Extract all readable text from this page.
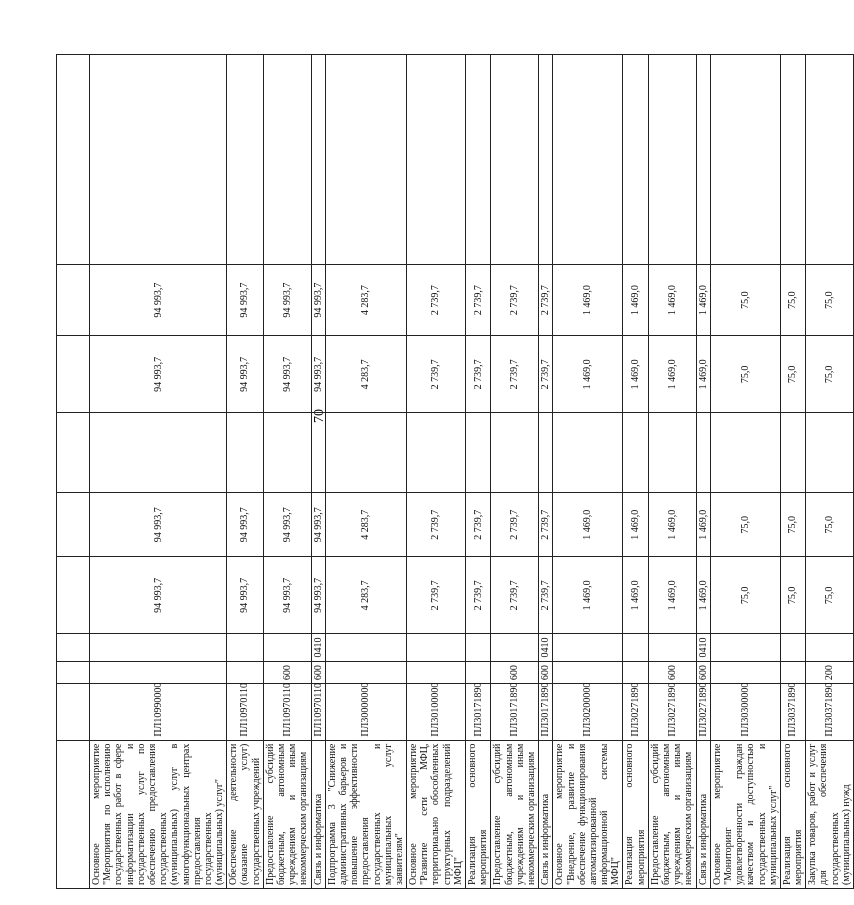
70

Основное мероприятие "Мероприятия по исполнению государственных работ в сфере информатизации и государственных услуг по обеспечению предоставления государственных (муниципальных) услуг в многофункциональных центрах предоставления государственных (муниципальных) услуг"	ПЛ10990000			94 993,7	94 993,7		94 993,7	94 993,7	
Обеспечение деятельности (оказание услуг) государственных учреждений	ПЛ10970110			94 993,7	94 993,7		94 993,7	94 993,7	
Предоставление субсидий бюджетным, автономным учреждениям и иным некоммерческим организациям	ПЛ10970110	600		94 993,7	94 993,7		94 993,7	94 993,7	
Связь и информатика	ПЛ10970110	600	0410	94 993,7	94 993,7		94 993,7	94 993,7	
Подпрограмма 3 "Снижение административных барьеров и повышение эффективности предоставления государственных и муниципальных услуг заявителям"	ПЛ30000000			4 283,7	4 283,7		4 283,7	4 283,7	
Основное мероприятие "Развитие сети МФЦ, территориально обособленных структурных подразделений МФЦ"	ПЛ30100000			2 739,7	2 739,7		2 739,7	2 739,7	
Реализация основного мероприятия	ПЛ30171890			2 739,7	2 739,7		2 739,7	2 739,7	
Предоставление субсидий бюджетным, автономным учреждениям и иным некоммерческим организациям	ПЛ30171890	600		2 739,7	2 739,7		2 739,7	2 739,7	
Связь и информатика	ПЛ30171890	600	0410	2 739,7	2 739,7		2 739,7	2 739,7	
Основное мероприятие "Внедрение, развитие и обеспечение функционирования автоматизированной информационной системы МФЦ"	ПЛ30200000			1 469,0	1 469,0		1 469,0	1 469,0	
Реализация основного мероприятия	ПЛ30271890			1 469,0	1 469,0		1 469,0	1 469,0	
Предоставление субсидий бюджетным, автономным учреждениям и иным некоммерческим организациям	ПЛ30271890	600		1 469,0	1 469,0		1 469,0	1 469,0	
Связь и информатика	ПЛ30271890	600	0410	1 469,0	1 469,0		1 469,0	1 469,0	
Основное мероприятие "Мониторинг удовлетворенности граждан качеством и доступностью государственных и муниципальных услуг"	ПЛ30300000			75,0	75,0		75,0	75,0	
Реализация основного мероприятия	ПЛ30371890			75,0	75,0		75,0	75,0	
Закупка товаров, работ и услуг для обеспечения государственных (муниципальных) нужд	ПЛ30371890	200		75,0	75,0		75,0	75,0	
